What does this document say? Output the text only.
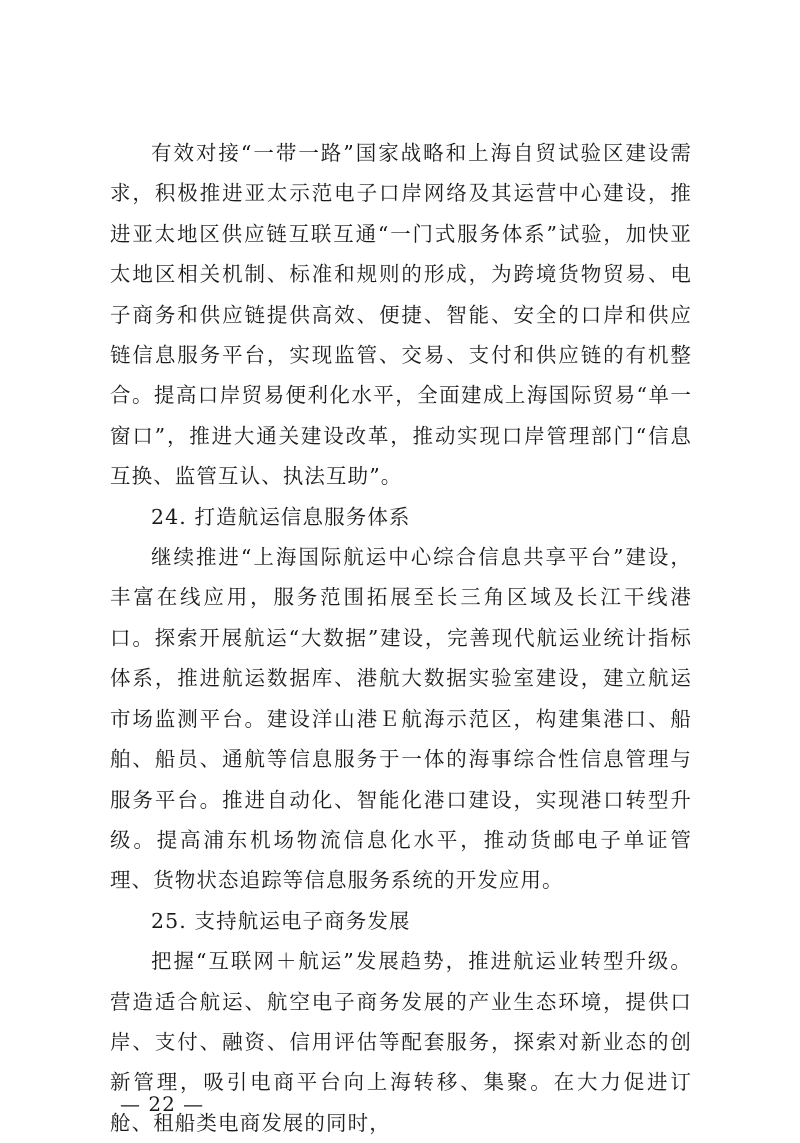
有效对接“一带一路”国家战略和上海自贸试验区建设需求，积极推进亚太示范电子口岸网络及其运营中心建设，推进亚太地区供应链互联互通“一门式服务体系”试验，加快亚太地区相关机制、标准和规则的形成，为跨境货物贸易、电子商务和供应链提供高效、便捷、智能、安全的口岸和供应链信息服务平台，实现监管、交易、支付和供应链的有机整合。提高口岸贸易便利化水平，全面建成上海国际贸易“单一窗口”，推进大通关建设改革，推动实现口岸管理部门“信息互换、监管互认、执法互助”。

24. 打造航运信息服务体系

继续推进“上海国际航运中心综合信息共享平台”建设，丰富在线应用，服务范围拓展至长三角区域及长江干线港口。探索开展航运“大数据”建设，完善现代航运业统计指标体系，推进航运数据库、港航大数据实验室建设，建立航运市场监测平台。建设洋山港Ｅ航海示范区，构建集港口、船舶、船员、通航等信息服务于一体的海事综合性信息管理与服务平台。推进自动化、智能化港口建设，实现港口转型升级。提高浦东机场物流信息化水平，推动货邮电子单证管理、货物状态追踪等信息服务系统的开发应用。

25. 支持航运电子商务发展

把握“互联网＋航运”发展趋势，推进航运业转型升级。营造适合航运、航空电子商务发展的产业生态环境，提供口岸、支付、融资、信用评估等配套服务，探索对新业态的创新管理，吸引电商平台向上海转移、集聚。在大力促进订舱、租船类电商发展的同时，

— 22 —
